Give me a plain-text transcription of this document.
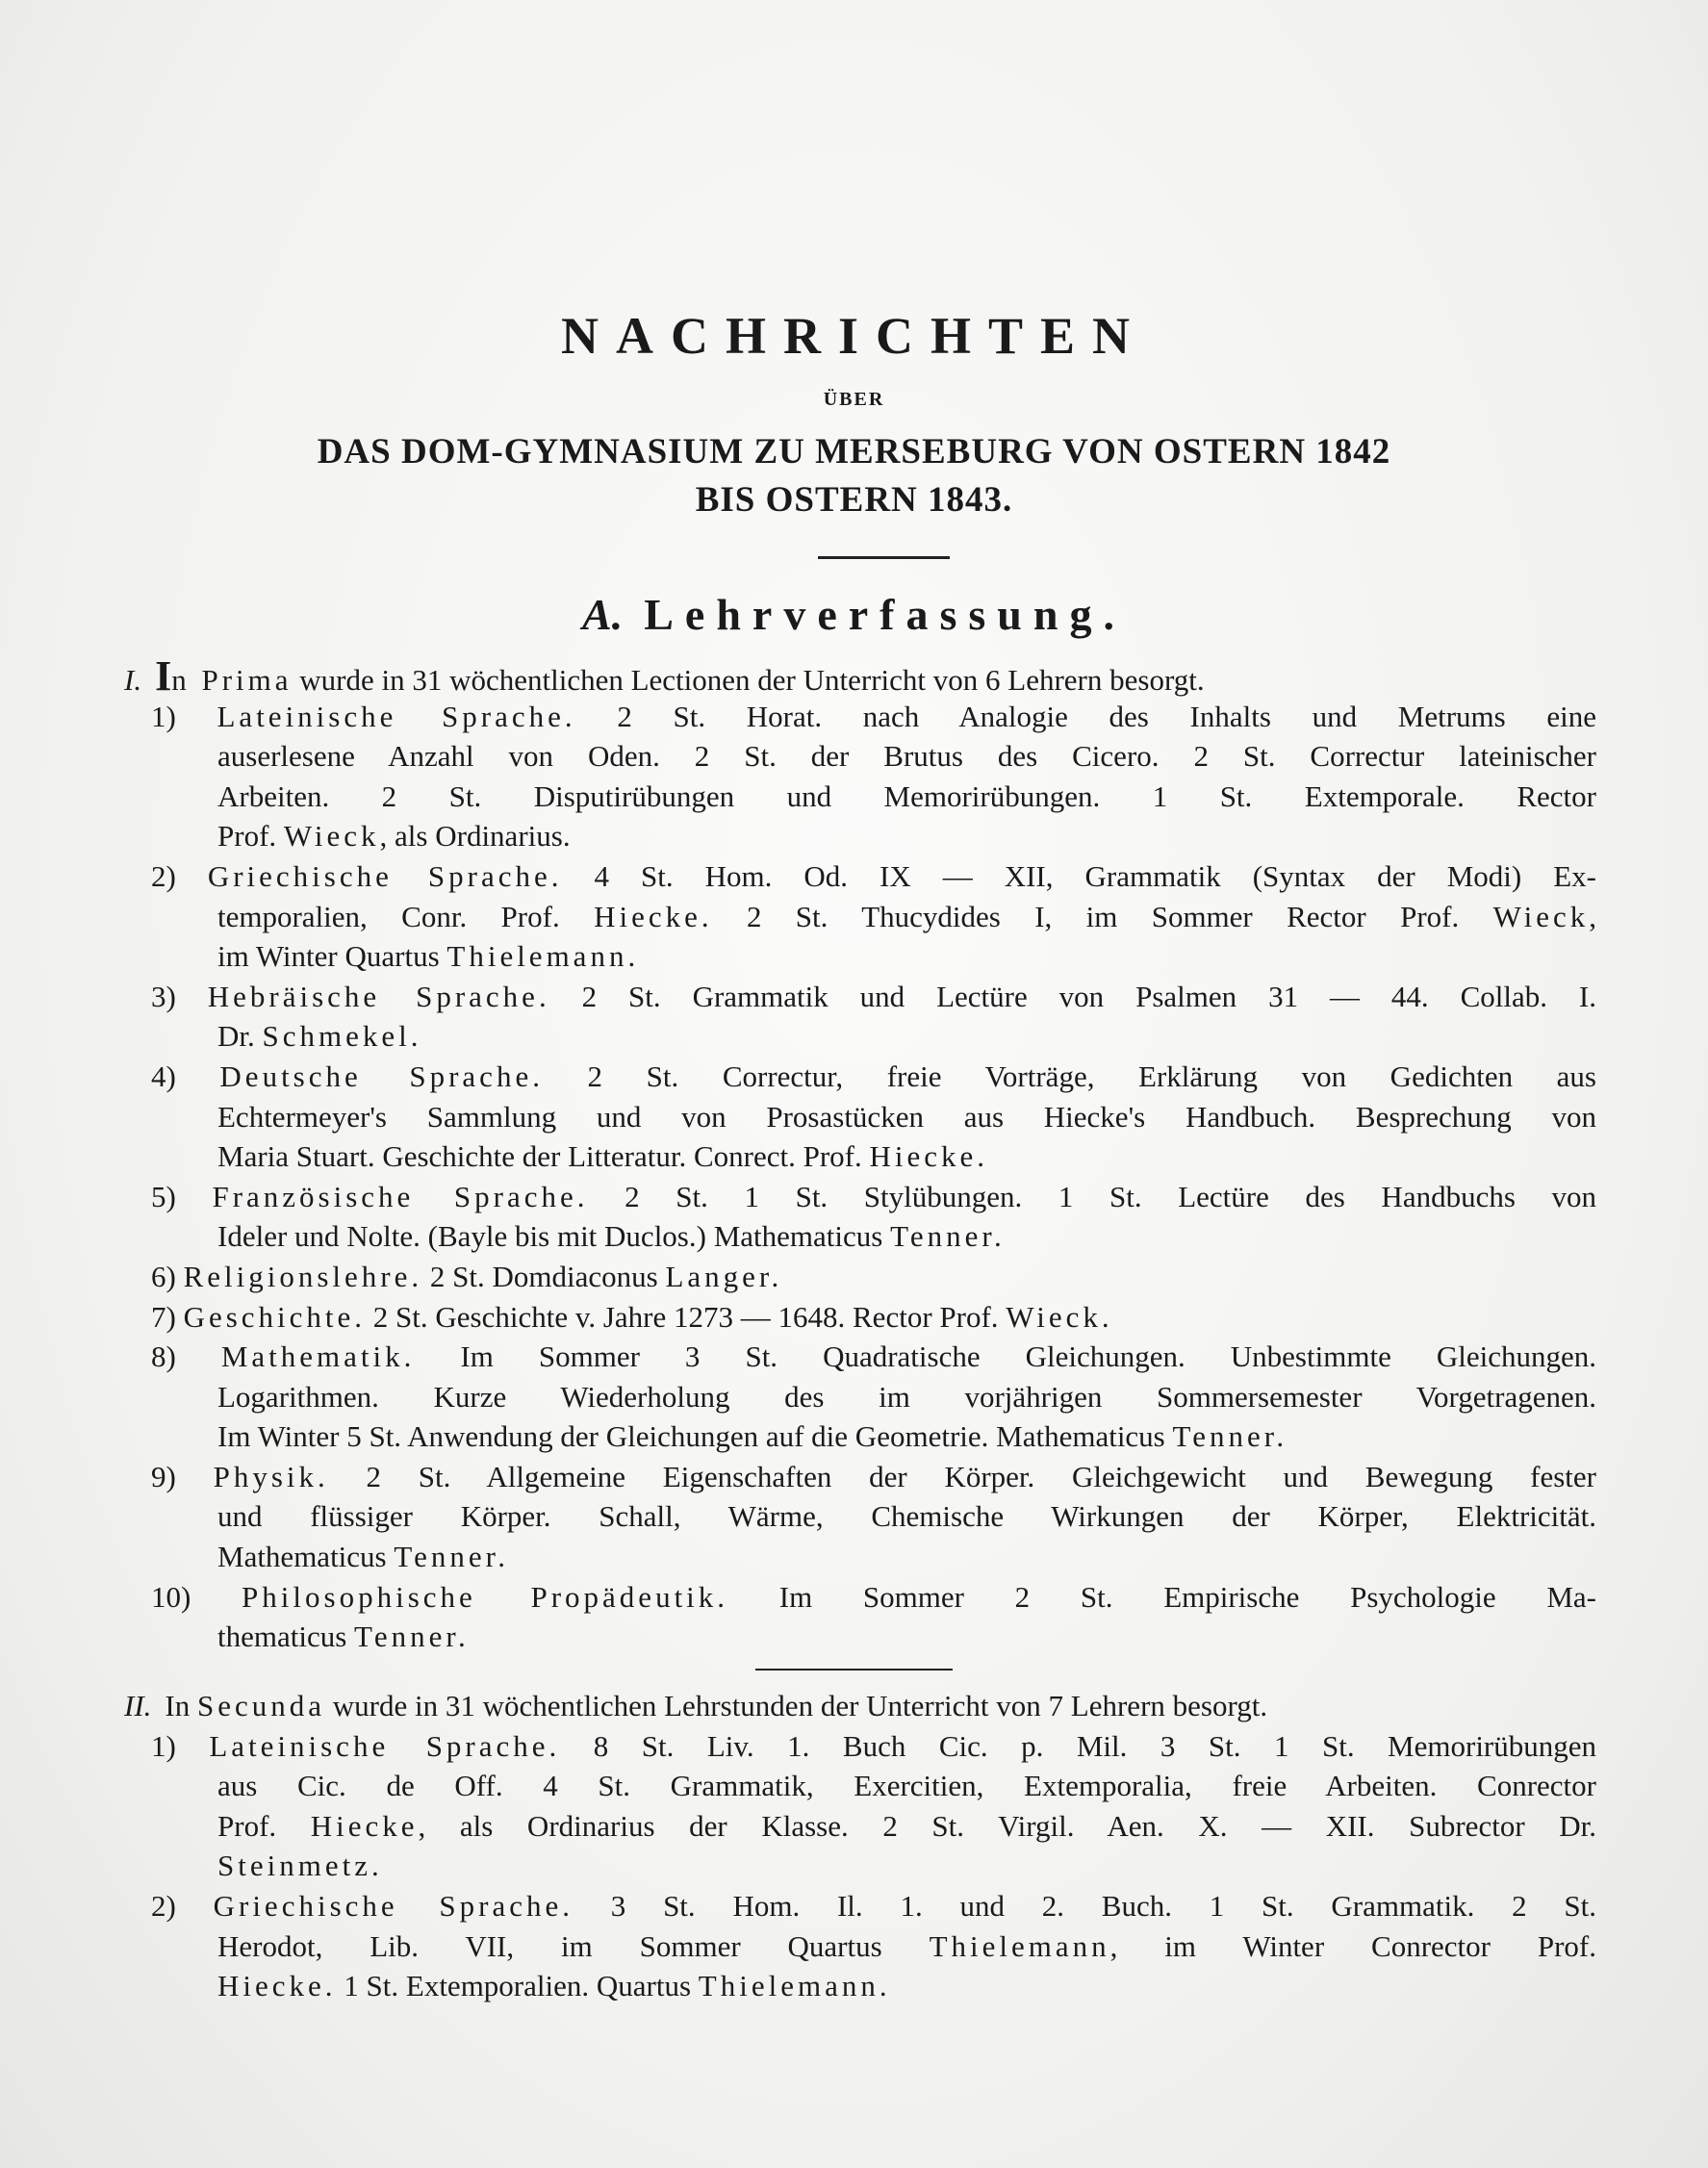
NACHRICHTEN
ÜBER
DAS DOM-GYMNASIUM ZU MERSEBURG VON OSTERN 1842
BIS OSTERN 1843.
A. Lehrverfassung.
I. In Prima wurde in 31 wöchentlichen Lectionen der Unterricht von 6 Lehrern besorgt.
1) Lateinische Sprache. 2 St. Horat. nach Analogie des Inhalts und Metrums eine
auserlesene Anzahl von Oden. 2 St. der Brutus des Cicero. 2 St. Correctur lateinischer
Arbeiten. 2 St. Disputirübungen und Memorirübungen. 1 St. Extemporale. Rector
Prof. Wieck, als Ordinarius.
2) Griechische Sprache. 4 St. Hom. Od. IX — XII, Grammatik (Syntax der Modi) Ex-
temporalien, Conr. Prof. Hiecke. 2 St. Thucydides I, im Sommer Rector Prof. Wieck,
im Winter Quartus Thielemann.
3) Hebräische Sprache. 2 St. Grammatik und Lectüre von Psalmen 31 — 44. Collab. I.
Dr. Schmekel.
4) Deutsche Sprache. 2 St. Correctur, freie Vorträge, Erklärung von Gedichten aus
Echtermeyer's Sammlung und von Prosastücken aus Hiecke's Handbuch. Besprechung von
Maria Stuart. Geschichte der Litteratur. Conrect. Prof. Hiecke.
5) Französische Sprache. 2 St. 1 St. Stylübungen. 1 St. Lectüre des Handbuchs von
Ideler und Nolte. (Bayle bis mit Duclos.) Mathematicus Tenner.
6) Religionslehre. 2 St. Domdiaconus Langer.
7) Geschichte. 2 St. Geschichte v. Jahre 1273 — 1648. Rector Prof. Wieck.
8) Mathematik. Im Sommer 3 St. Quadratische Gleichungen. Unbestimmte Gleichungen.
Logarithmen. Kurze Wiederholung des im vorjährigen Sommersemester Vorgetragenen.
Im Winter 5 St. Anwendung der Gleichungen auf die Geometrie. Mathematicus Tenner.
9) Physik. 2 St. Allgemeine Eigenschaften der Körper. Gleichgewicht und Bewegung fester
und flüssiger Körper. Schall, Wärme, Chemische Wirkungen der Körper, Elektricität.
Mathematicus Tenner.
10) Philosophische Propädeutik. Im Sommer 2 St. Empirische Psychologie Ma-
thematicus Tenner.
II. In Secunda wurde in 31 wöchentlichen Lehrstunden der Unterricht von 7 Lehrern besorgt.
1) Lateinische Sprache. 8 St. Liv. 1. Buch Cic. p. Mil. 3 St. 1 St. Memorirübungen
aus Cic. de Off. 4 St. Grammatik, Exercitien, Extemporalia, freie Arbeiten. Conrector
Prof. Hiecke, als Ordinarius der Klasse. 2 St. Virgil. Aen. X. — XII. Subrector Dr.
Steinmetz.
2) Griechische Sprache. 3 St. Hom. Il. 1. und 2. Buch. 1 St. Grammatik. 2 St.
Herodot, Lib. VII, im Sommer Quartus Thielemann, im Winter Conrector Prof.
Hiecke. 1 St. Extemporalien. Quartus Thielemann.
